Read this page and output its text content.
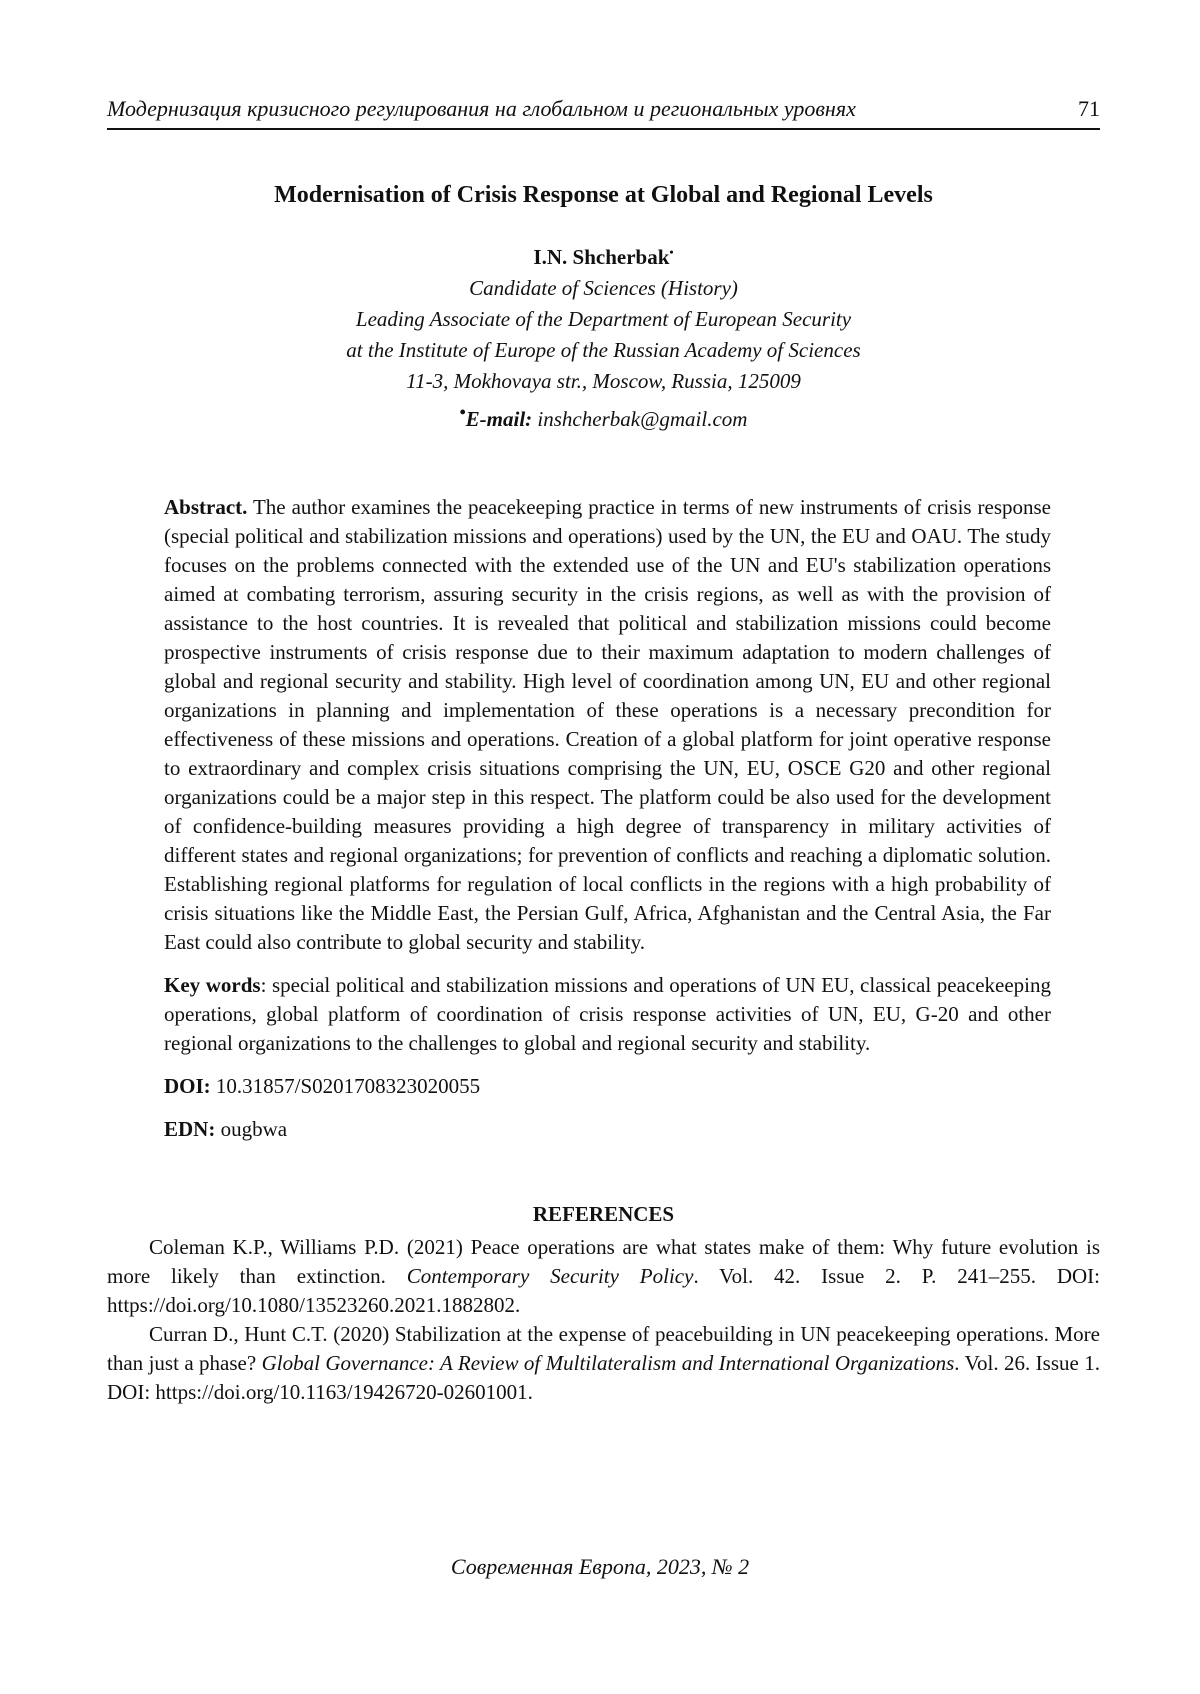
Модернизация кризисного регулирования на глобальном и региональных уровнях	71
Modernisation of Crisis Response at Global and Regional Levels
I.N. Shcherbak•
Candidate of Sciences (History)
Leading Associate of the Department of European Security
at the Institute of Europe of the Russian Academy of Sciences
11-3, Mokhovaya str., Moscow, Russia, 125009
•E-mail: inshcherbak@gmail.com

Abstract. The author examines the peacekeeping practice in terms of new instruments of crisis response (special political and stabilization missions and operations) used by the UN, the EU and OAU. The study focuses on the problems connected with the extended use of the UN and EU's stabilization operations aimed at combating terrorism, assuring security in the crisis regions, as well as with the provision of assistance to the host countries. It is revealed that political and stabilization missions could become prospective instruments of crisis response due to their maximum adaptation to modern challenges of global and regional security and stability. High level of coordination among UN, EU and other regional organizations in planning and implementation of these operations is a necessary precondition for effectiveness of these missions and operations. Creation of a global platform for joint operative response to extraordinary and complex crisis situations comprising the UN, EU, OSCE G20 and other regional organizations could be a major step in this respect. The platform could be also used for the development of confidence-building measures providing a high degree of transparency in military activities of different states and regional organizations; for prevention of conflicts and reaching a diplomatic solution. Establishing regional platforms for regulation of local conflicts in the regions with a high probability of crisis situations like the Middle East, the Persian Gulf, Africa, Afghanistan and the Central Asia, the Far East could also contribute to global security and stability.

Key words: special political and stabilization missions and operations of UN EU, classical peacekeeping operations, global platform of coordination of crisis response activities of UN, EU, G-20 and other regional organizations to the challenges to global and regional security and stability.

DOI: 10.31857/S0201708323020055

EDN: ougbwa

REFERENCES

Coleman K.P., Williams P.D. (2021) Peace operations are what states make of them: Why future evolution is more likely than extinction. Contemporary Security Policy. Vol. 42. Issue 2. P. 241–255. DOI: https://doi.org/10.1080/13523260.2021.1882802.

Curran D., Hunt C.T. (2020) Stabilization at the expense of peacebuilding in UN peacekeeping operations. More than just a phase? Global Governance: A Review of Multilateralism and International Organizations. Vol. 26. Issue 1. DOI: https://doi.org/10.1163/19426720-02601001.

Современная Европа, 2023, № 2
